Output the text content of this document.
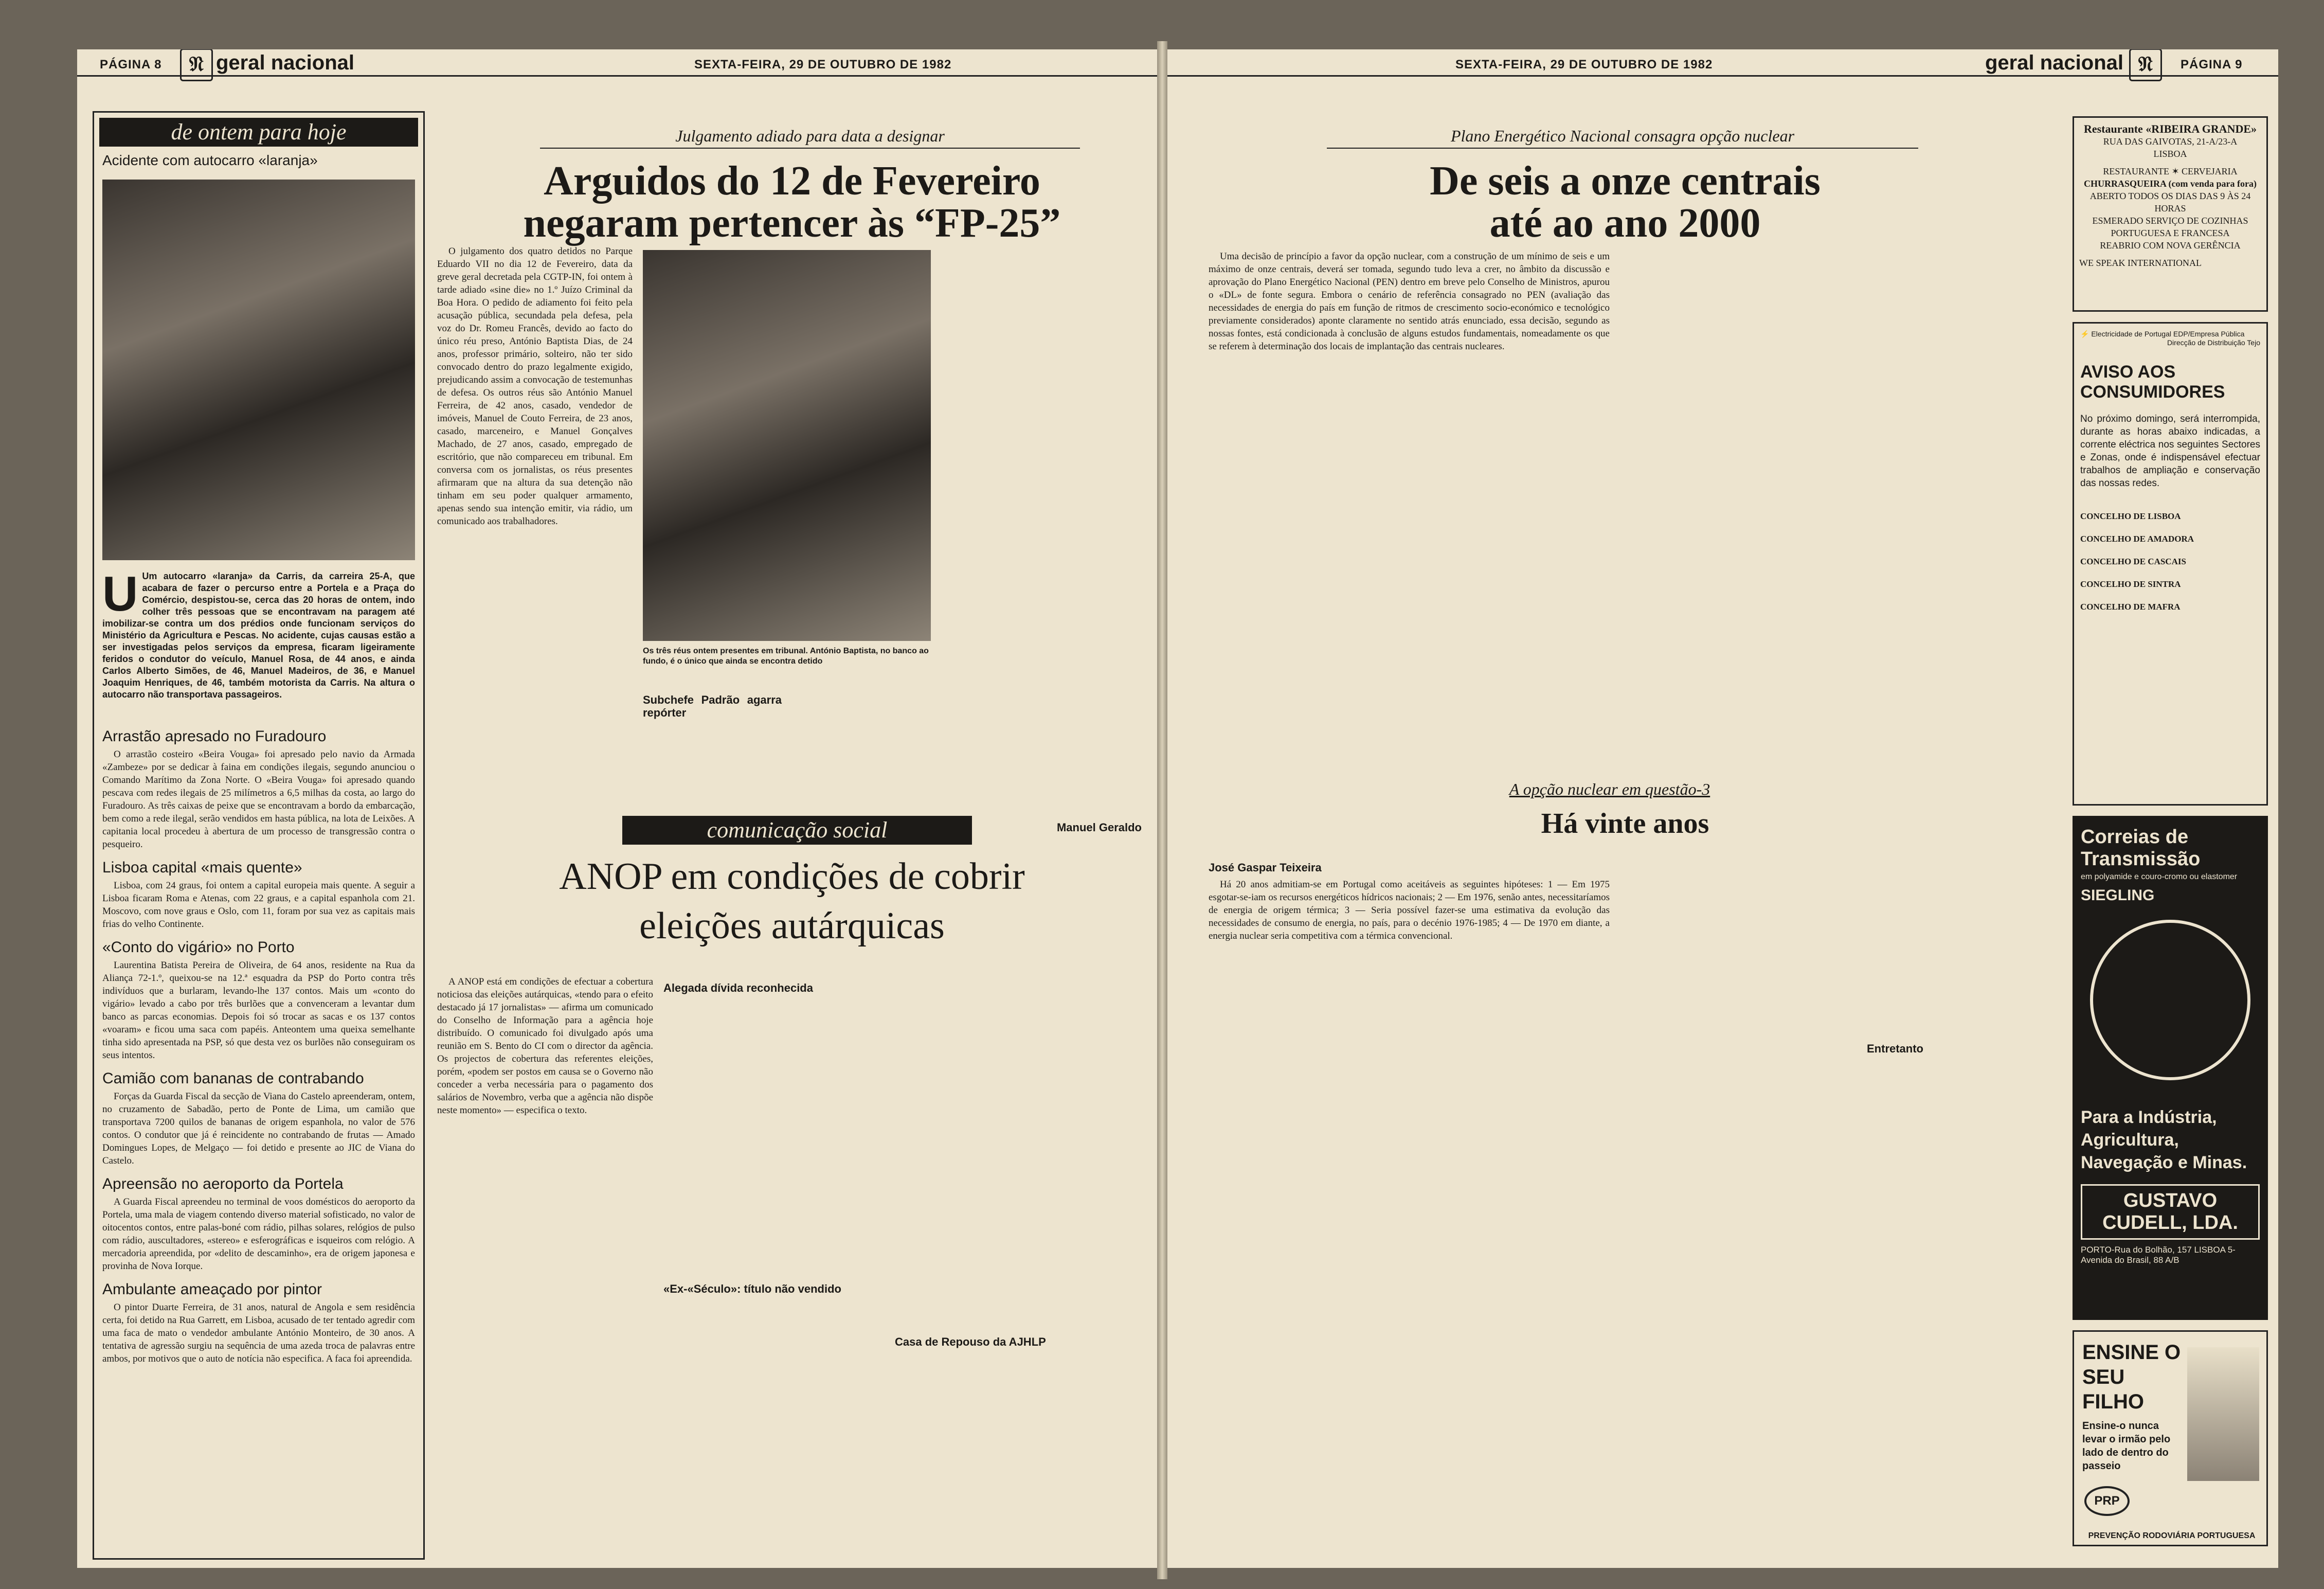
PÁGINA 8	𝔑 geral nacional	SEXTA-FEIRA, 29 DE OUTUBRO DE 1982
de ontem para hoje
Acidente com autocarro «laranja»
U Um autocarro «laranja» da Carris, da carreira 25-A, que acabara de fazer o percurso entre a Portela e a Praça do Comércio, despistou-se, cerca das 20 horas de ontem, indo colher três pessoas que se encontravam na paragem até imobilizar-se contra um dos prédios onde funcionam serviços do Ministério da Agricultura e Pescas. No acidente, cujas causas estão a ser investigadas pelos serviços da empresa, ficaram ligeiramente feridos o condutor do veículo, Manuel Rosa, de 44 anos, e ainda Carlos Alberto Simões, de 46, Manuel Madeiros, de 36, e Manuel Joaquim Henriques, de 46, também motorista da Carris. Na altura o autocarro não transportava passageiros.
Arrastão apresado no Furadouro

O arrastão costeiro «Beira Vouga» foi apresado pelo navio da Armada «Zambeze» por se dedicar à faina em condições ilegais, segundo anunciou o Comando Marítimo da Zona Norte. O «Beira Vouga» foi apresado quando pescava com redes ilegais de 25 milímetros a 6,5 milhas da costa, ao largo do Furadouro. As três caixas de peixe que se encontravam a bordo da embarcação, bem como a rede ilegal, serão vendidos em hasta pública, na lota de Leixões. A capitania local procedeu à abertura de um processo de transgressão contra o pesqueiro.

Lisboa capital «mais quente»

Lisboa, com 24 graus, foi ontem a capital europeia mais quente. A seguir a Lisboa ficaram Roma e Atenas, com 22 graus, e a capital espanhola com 21. Moscovo, com nove graus e Oslo, com 11, foram por sua vez as capitais mais frias do velho Continente.

«Conto do vigário» no Porto

Laurentina Batista Pereira de Oliveira, de 64 anos, residente na Rua da Aliança 72-1.º, queixou-se na 12.ª esquadra da PSP do Porto contra três indivíduos que a burlaram, levando-lhe 137 contos. Mais um «conto do vigário» levado a cabo por três burlões que a convenceram a levantar dum banco as parcas economias. Depois foi só trocar as sacas e os 137 contos «voaram» e ficou uma saca com papéis. Anteontem uma queixa semelhante tinha sido apresentada na PSP, só que desta vez os burlões não conseguiram os seus intentos.

Camião com bananas de contrabando

Forças da Guarda Fiscal da secção de Viana do Castelo apreenderam, ontem, no cruzamento de Sabadão, perto de Ponte de Lima, um camião que transportava 7200 quilos de bananas de origem espanhola, no valor de 576 contos. O condutor que já é reincidente no contrabando de frutas — Amado Domingues Lopes, de Melgaço — foi detido e presente ao JIC de Viana do Castelo.

Apreensão no aeroporto da Portela

A Guarda Fiscal apreendeu no terminal de voos domésticos do aeroporto da Portela, uma mala de viagem contendo diverso material sofisticado, no valor de oitocentos contos, entre palas-boné com rádio, pilhas solares, relógios de pulso com rádio, auscultadores, «stereo» e esferográficas e isqueiros com relógio. A mercadoria apreendida, por «delito de descaminho», era de origem japonesa e provinha de Nova Iorque.

Ambulante ameaçado por pintor

O pintor Duarte Ferreira, de 31 anos, natural de Angola e sem residência certa, foi detido na Rua Garrett, em Lisboa, acusado de ter tentado agredir com uma faca de mato o vendedor ambulante António Monteiro, de 30 anos. A tentativa de agressão surgiu na sequência de uma azeda troca de palavras entre ambos, por motivos que o auto de notícia não especifica. A faca foi apreendida.

Julgamento adiado para data a designar
Arguidos do 12 de Fevereiro
negaram pertencer às “FP-25”

O julgamento dos quatro detidos no Parque Eduardo VII no dia 12 de Fevereiro, data da greve geral decretada pela CGTP-IN, foi ontem à tarde adiado «sine die» no 1.º Juízo Criminal da Boa Hora. O pedido de adiamento foi feito pela acusação pública, secundada pela defesa, pela voz do Dr. Romeu Francês, devido ao facto do único réu preso, António Baptista Dias, de 24 anos, professor primário, solteiro, não ter sido convocado dentro do prazo legalmente exigido, prejudicando assim a convocação de testemunhas de defesa. Os outros réus são António Manuel Ferreira, de 42 anos, casado, vendedor de imóveis, Manuel de Couto Ferreira, de 23 anos, casado, marceneiro, e Manuel Gonçalves Machado, de 27 anos, casado, empregado de escritório, que não compareceu em tribunal. Em conversa com os jornalistas, os réus presentes afirmaram que na altura da sua detenção não tinham em seu poder qualquer armamento, apenas sendo sua intenção emitir, via rádio, um comunicado aos trabalhadores.

Os três réus ontem presentes em tribunal. António Baptista, no banco ao fundo, é o único que ainda se encontra detido
Subchefe Padrão agarra repórter
Manuel Geraldo
comunicação social
ANOP em condições de cobrir
eleições autárquicas

A ANOP está em condições de efectuar a cobertura noticiosa das eleições autárquicas, «tendo para o efeito destacado já 17 jornalistas» — afirma um comunicado do Conselho de Informação para a agência hoje distribuído. O comunicado foi divulgado após uma reunião em S. Bento do CI com o director da agência. Os projectos de cobertura das referentes eleições, porém, «podem ser postos em causa se o Governo não conceder a verba necessária para o pagamento dos salários de Novembro, verba que a agência não dispõe neste momento» — especifica o texto.

Alegada dívida reconhecida
«Ex-«Século»: título não vendido
Casa de Repouso da AJHLP
SEXTA-FEIRA, 29 DE OUTUBRO DE 1982	geral nacional 𝔑	PÁGINA 9
Plano Energético Nacional consagra opção nuclear
De seis a onze centrais
até ao ano 2000

Uma decisão de princípio a favor da opção nuclear, com a construção de um mínimo de seis e um máximo de onze centrais, deverá ser tomada, segundo tudo leva a crer, no âmbito da discussão e aprovação do Plano Energético Nacional (PEN) dentro em breve pelo Conselho de Ministros, apurou o «DL» de fonte segura. Embora o cenário de referência consagrado no PEN (avaliação das necessidades de energia do país em função de ritmos de crescimento socio-económico e tecnológico previamente considerados) aponte claramente no sentido atrás enunciado, essa decisão, segundo as nossas fontes, está condicionada à conclusão de alguns estudos fundamentais, nomeadamente os que se referem à determinação dos locais de implantação das centrais nucleares.

A opção nuclear em questão-3
Há vinte anos
José Gaspar Teixeira

Há 20 anos admitiam-se em Portugal como aceitáveis as seguintes hipóteses: 1 — Em 1975 esgotar-se-iam os recursos energéticos hídricos nacionais; 2 — Em 1976, senão antes, necessitaríamos de energia de origem térmica; 3 — Seria possível fazer-se uma estimativa da evolução das necessidades de consumo de energia, no país, para o decénio 1976-1985; 4 — De 1970 em diante, a energia nuclear seria competitiva com a térmica convencional.

Entretanto
Restaurante «RIBEIRA GRANDE»
RUA DAS GAIVOTAS, 21-A/23-A
LISBOA
RESTAURANTE ✶ CERVEJARIA
CHURRASQUEIRA (com venda para fora)
ABERTO TODOS OS DIAS DAS 9 ÀS 24 HORAS
ESMERADO SERVIÇO DE COZINHAS PORTUGUESA E FRANCESA
REABRIO COM NOVA GERÊNCIA
WE SPEAK INTERNATIONAL
⚡ Electricidade de Portugal EDP/Empresa Pública
Direcção de Distribuição Tejo
AVISO AOS CONSUMIDORES
No próximo domingo, será interrompida, durante as horas abaixo indicadas, a corrente eléctrica nos seguintes Sectores e Zonas, onde é indispensável efectuar trabalhos de ampliação e conservação das nossas redes.
CONCELHO DE LISBOA
CONCELHO DE AMADORA
CONCELHO DE CASCAIS
CONCELHO DE SINTRA
CONCELHO DE MAFRA
Correias de Transmissão
em polyamide e couro-cromo ou elastomer
SIEGLING
Para a Indústria, Agricultura, Navegação e Minas.
GUSTAVO CUDELL, LDA.
PORTO-Rua do Bolhão, 157 LISBOA 5-Avenida do Brasil, 88 A/B
ENSINE O SEU FILHO
Ensine-o nunca levar o irmão pelo lado de dentro do passeio
PRP
PREVENÇÃO RODOVIÁRIA PORTUGUESA
